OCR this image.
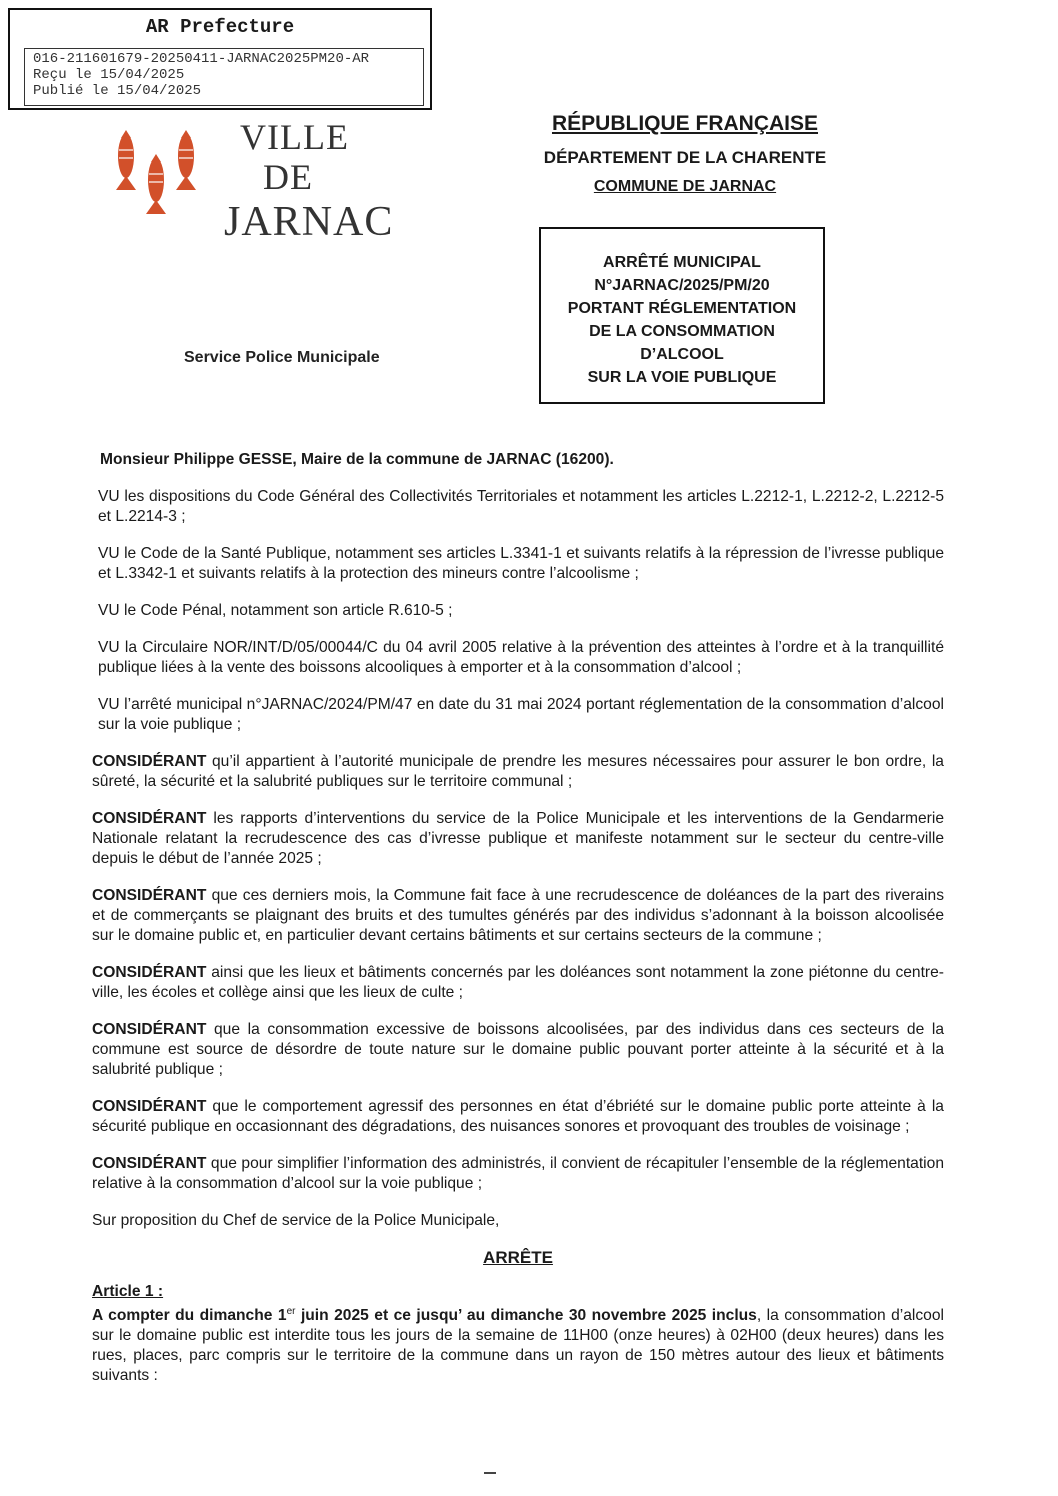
AR Prefecture
016-211601679-20250411-JARNAC2025PM20-AR
Reçu le 15/04/2025
Publié le 15/04/2025
VILLE
DE
JARNAC
Service Police Municipale
RÉPUBLIQUE FRANÇAISE
DÉPARTEMENT DE LA CHARENTE
COMMUNE DE JARNAC
ARRÊTÉ MUNICIPAL
N°JARNAC/2025/PM/20
PORTANT RÉGLEMENTATION
DE LA CONSOMMATION
D’ALCOOL
SUR LA VOIE PUBLIQUE

Monsieur Philippe GESSE, Maire de la commune de JARNAC (16200).

VU les dispositions du Code Général des Collectivités Territoriales et notamment les articles L.2212-1, L.2212-2, L.2212-5 et L.2214-3 ;

VU le Code de la Santé Publique, notamment ses articles L.3341-1 et suivants relatifs à la répression de l’ivresse publique et L.3342-1 et suivants relatifs à la protection des mineurs contre l’alcoolisme ;

VU le Code Pénal, notamment son article R.610-5 ;

VU la Circulaire NOR/INT/D/05/00044/C du 04 avril 2005 relative à la prévention des atteintes à l’ordre et à la tranquillité publique liées à la vente des boissons alcooliques à emporter et à la consommation d’alcool ;

VU l’arrêté municipal n°JARNAC/2024/PM/47 en date du 31 mai 2024 portant réglementation de la consommation d’alcool sur la voie publique ;

CONSIDÉRANT qu’il appartient à l’autorité municipale de prendre les mesures nécessaires pour assurer le bon ordre, la sûreté, la sécurité et la salubrité publiques sur le territoire communal ;

CONSIDÉRANT les rapports d’interventions du service de la Police Municipale et les interventions de la Gendarmerie Nationale relatant la recrudescence des cas d’ivresse publique et manifeste notamment sur le secteur du centre-ville depuis le début de l’année 2025 ;

CONSIDÉRANT que ces derniers mois, la Commune fait face à une recrudescence de doléances de la part des riverains et de commerçants se plaignant des bruits et des tumultes générés par des individus s’adonnant à la boisson alcoolisée sur le domaine public et, en particulier devant certains bâtiments et sur certains secteurs de la commune ;

CONSIDÉRANT ainsi que les lieux et bâtiments concernés par les doléances sont notamment la zone piétonne du centre-ville, les écoles et collège ainsi que les lieux de culte ;

CONSIDÉRANT que la consommation excessive de boissons alcoolisées, par des individus dans ces secteurs de la commune est source de désordre de toute nature sur le domaine public pouvant porter atteinte à la sécurité et à la salubrité publique ;

CONSIDÉRANT que le comportement agressif des personnes en état d’ébriété sur le domaine public porte atteinte à la sécurité publique en occasionnant des dégradations, des nuisances sonores et provoquant des troubles de voisinage ;

CONSIDÉRANT que pour simplifier l’information des administrés, il convient de récapituler l’ensemble de la réglementation relative à la consommation d’alcool sur la voie publique ;

Sur proposition du Chef de service de la Police Municipale,

ARRÊTE

Article 1 :

A compter du dimanche 1er juin 2025 et ce jusqu’ au dimanche 30 novembre 2025 inclus, la consommation d’alcool sur le domaine public est interdite tous les jours de la semaine de 11H00 (onze heures) à 02H00 (deux heures) dans les rues, places, parc compris sur le territoire de la commune dans un rayon de 150 mètres autour des lieux et bâtiments suivants :
